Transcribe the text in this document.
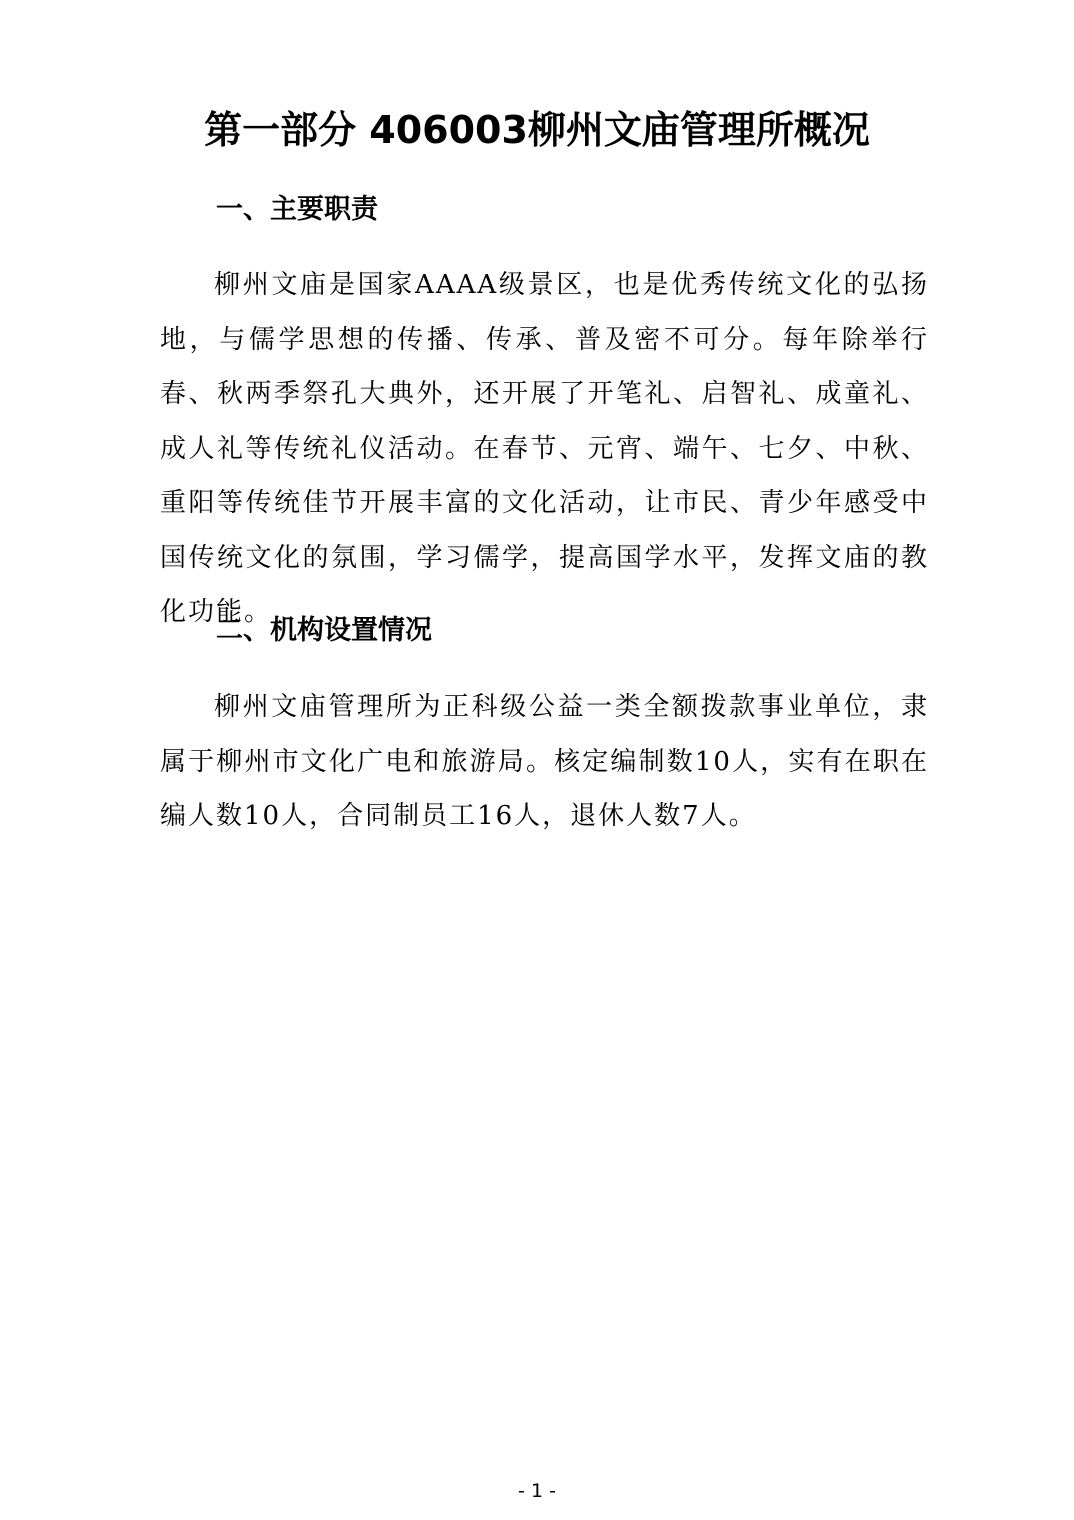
第一部分 406003柳州文庙管理所概况
一、主要职责

柳州文庙是国家AAAA级景区，也是优秀传统文化的弘扬地，与儒学思想的传播、传承、普及密不可分。每年除举行春、秋两季祭孔大典外，还开展了开笔礼、启智礼、成童礼、成人礼等传统礼仪活动。在春节、元宵、端午、七夕、中秋、重阳等传统佳节开展丰富的文化活动，让市民、青少年感受中国传统文化的氛围，学习儒学，提高国学水平，发挥文庙的教化功能。

二、机构设置情况

柳州文庙管理所为正科级公益一类全额拨款事业单位，隶属于柳州市文化广电和旅游局。核定编制数10人，实有在职在编人数10人，合同制员工16人，退休人数7人。

- 1 -
